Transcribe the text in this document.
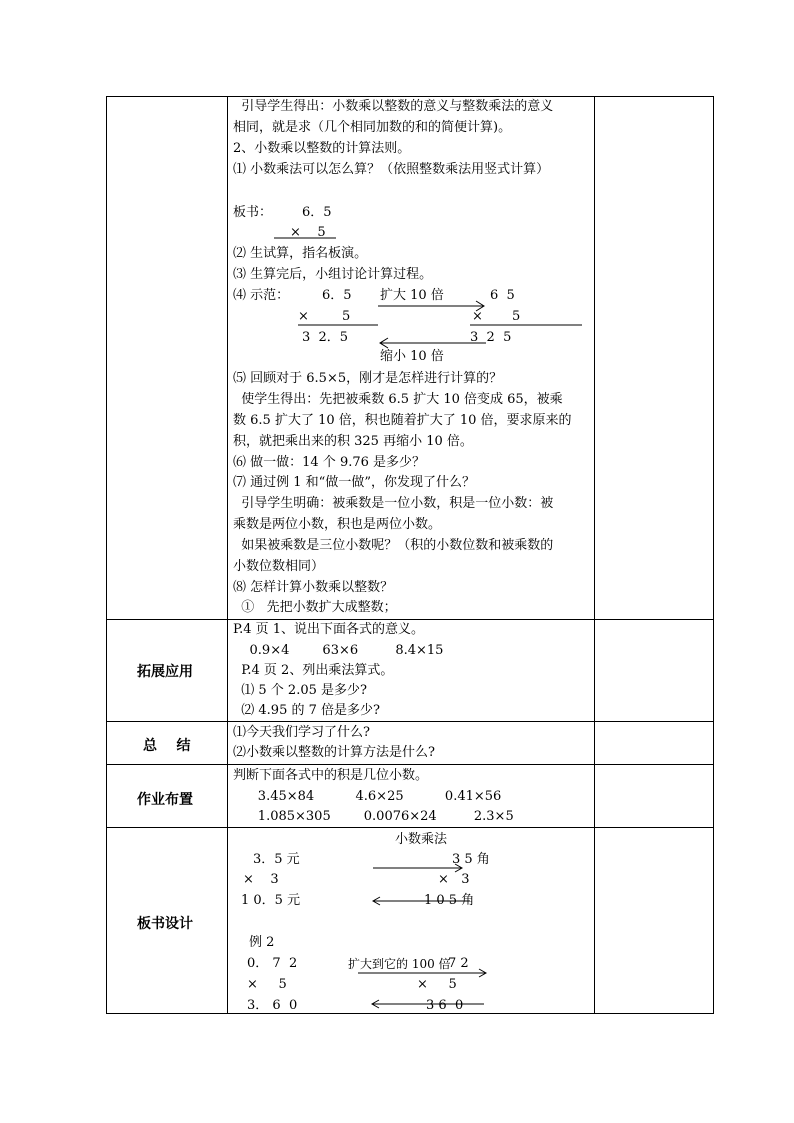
引导学生得出：小数乘以整数的意义与整数乘法的意义
相同，就是求（几个相同加数的和的简便计算)。
2、小数乘以整数的计算法则。
⑴ 小数乘法可以怎么算？（依照整数乘法用竖式计算）
板书： 6．5
×    5
⑵ 生试算，指名板演。
⑶ 生算完后，小组讨论计算过程。
⑷ 示范：	6．5
×	5
3  2．5
扩大 10 倍
缩小 10 倍
6  5
× 5
3  2  5
⑸ 回顾对于 6.5×5，刚才是怎样进行计算的？
使学生得出：先把被乘数 6.5 扩大 10 倍变成 65，被乘
数 6.5 扩大了 10 倍，积也随着扩大了 10 倍，要求原来的
积，就把乘出来的积 325 再缩小 10 倍。
⑹ 做一做：14 个 9.76 是多少？
⑺ 通过例 1 和“做一做”，你发现了什么？
引导学生明确：被乘数是一位小数，积是一位小数：被
乘数是两位小数，积也是两位小数。
如果被乘数是三位小数呢？（积的小数位数和被乘数的
小数位数相同）
⑻ 怎样计算小数乘以整数？
①   先把小数扩大成整数；
拓展应用
P.4 页 1、说出下面各式的意义。
0.9×4        63×6         8.4×15
P.4 页 2、列出乘法算式。
⑴ 5 个 2.05 是多少?
⑵ 4.95 的 7 倍是多少?
总    结
⑴今天我们学习了什么?
⑵小数乘以整数的计算方法是什么?
作业布置
判断下面各式中的积是几位小数。
3.45×84          4.6×25          0.41×56
1.085×305        0.0076×24         2.3×5
板书设计
小数乘法
3．5 元
×    3
1 0．5 元
3 5 角
×   3
1 0 5 角
例 2
0． 7  2	扩大到它的 100 倍
×     5
3． 6  0
7 2
×     5
3 6  0
